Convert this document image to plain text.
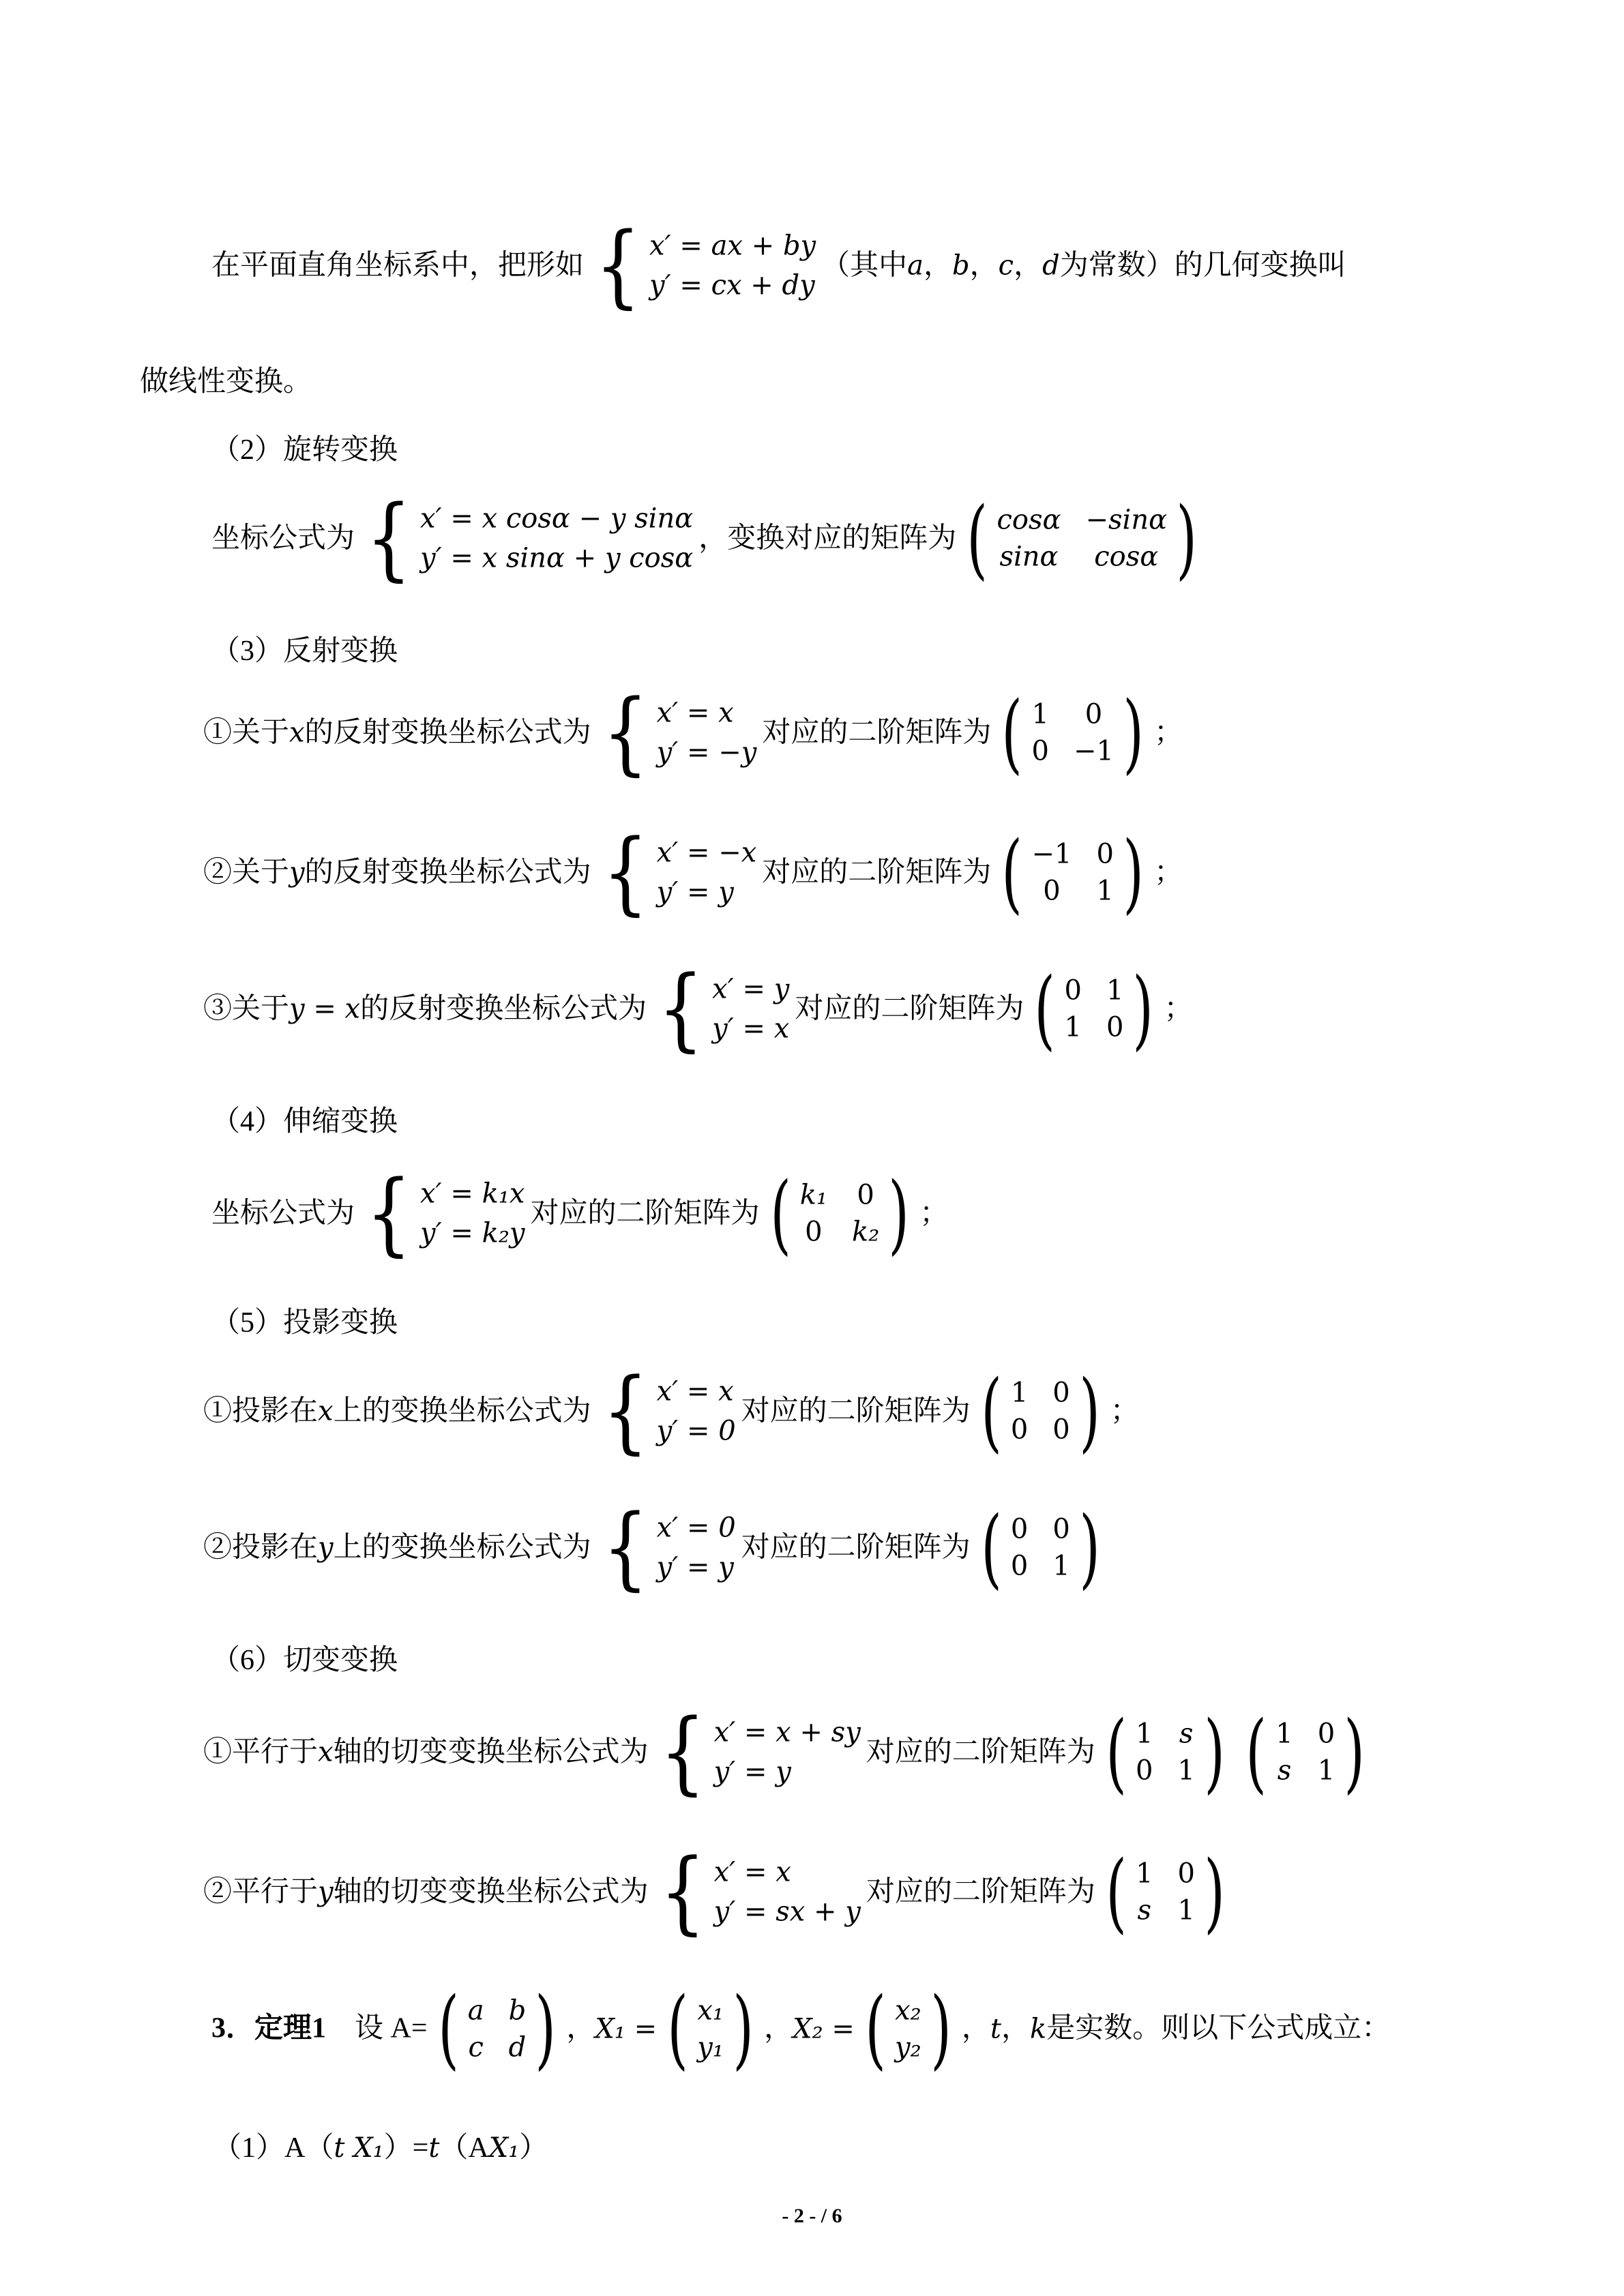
在平面直角坐标系中，把形如 { x′ = ax + by
y′ = cx + dy
（其中 a ， b ， c ， d 为常数）的几何变换叫
做线性变换。
（2）旋转变换
坐标公式为 { x′ = x cosα − y sinα
y′ = x sinα + y cosα
，变换对应的矩阵为 ( cosα −sinα
sinα cosα )
（3）反射变换
①关于 x 的反射变换坐标公式为 { x′ = x
y′ = −y
对应的二阶矩阵为 ( 1 0
0 −1 ) ；
②关于 y 的反射变换坐标公式为 { x′ = −x
y′ = y
对应的二阶矩阵为 ( −1 0
0 1 ) ；
③关于 y = x 的反射变换坐标公式为 { x′ = y
y′ = x
对应的二阶矩阵为 ( 0 1
1 0 ) ；
（4）伸缩变换
坐标公式为 { x′ = k₁x
y′ = k₂y
对应的二阶矩阵为 ( k₁ 0
0 k₂ ) ；
（5）投影变换
①投影在 x 上的变换坐标公式为 { x′ = x
y′ = 0
对应的二阶矩阵为 ( 1 0
0 0 ) ；
②投影在 y 上的变换坐标公式为 { x′ = 0
y′ = y
对应的二阶矩阵为 ( 0 0
0 1 )
（6）切变变换
①平行于 x 轴的切变变换坐标公式为 { x′ = x + sy
y′ = y
对应的二阶矩阵为 ( 1 s
0 1 ) ( 1 0
s 1 )
②平行于 y 轴的切变变换坐标公式为 { x′ = x
y′ = sx + y
对应的二阶矩阵为 ( 1 0
s 1 )
3．定理1 　设 A= ( a b
c d ) ， X₁ = ( x₁
y₁ ) ， X₂ = ( x₂
y₂ ) ， t ， k 是实数。则以下公式成立：
（1）A（ t X₁ ）= t （A X₁ ）
- 2 - / 6
